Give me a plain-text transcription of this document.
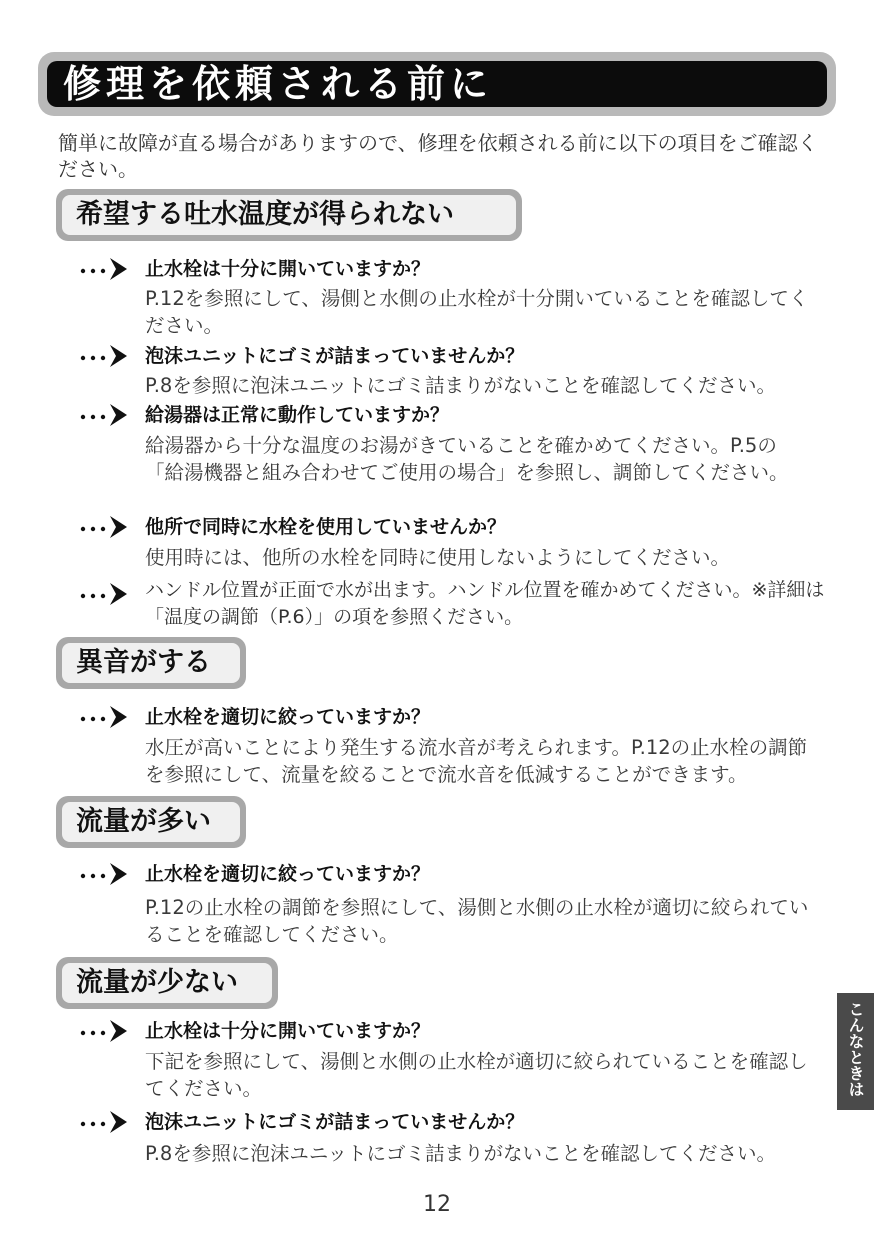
修理を依頼される前に

簡単に故障が直る場合がありますので、修理を依頼される前に以下の項目をご確認ください。

希望する吐水温度が得られない
止水栓は十分に開いていますか？

P.12を参照にして、湯側と水側の止水栓が十分開いていることを確認してください。

泡沫ユニットにゴミが詰まっていませんか？

P.8を参照に泡沫ユニットにゴミ詰まりがないことを確認してください。

給湯器は正常に動作していますか？

給湯器から十分な温度のお湯がきていることを確かめてください。P.5の「給湯機器と組み合わせてご使用の場合」を参照し、調節してください。

他所で同時に水栓を使用していませんか？

使用時には、他所の水栓を同時に使用しないようにしてください。

ハンドル位置が正面で水が出ます。ハンドル位置を確かめてください。※詳細は「温度の調節（P.6）」の項を参照ください。

異音がする
止水栓を適切に絞っていますか？

水圧が高いことにより発生する流水音が考えられます。P.12の止水栓の調節を参照にして、流量を絞ることで流水音を低減することができます。

流量が多い
止水栓を適切に絞っていますか？

P.12の止水栓の調節を参照にして、湯側と水側の止水栓が適切に絞られていることを確認してください。

流量が少ない
止水栓は十分に開いていますか？

下記を参照にして、湯側と水側の止水栓が適切に絞られていることを確認してください。

泡沫ユニットにゴミが詰まっていませんか？

P.8を参照に泡沫ユニットにゴミ詰まりがないことを確認してください。

こんなときは
12
